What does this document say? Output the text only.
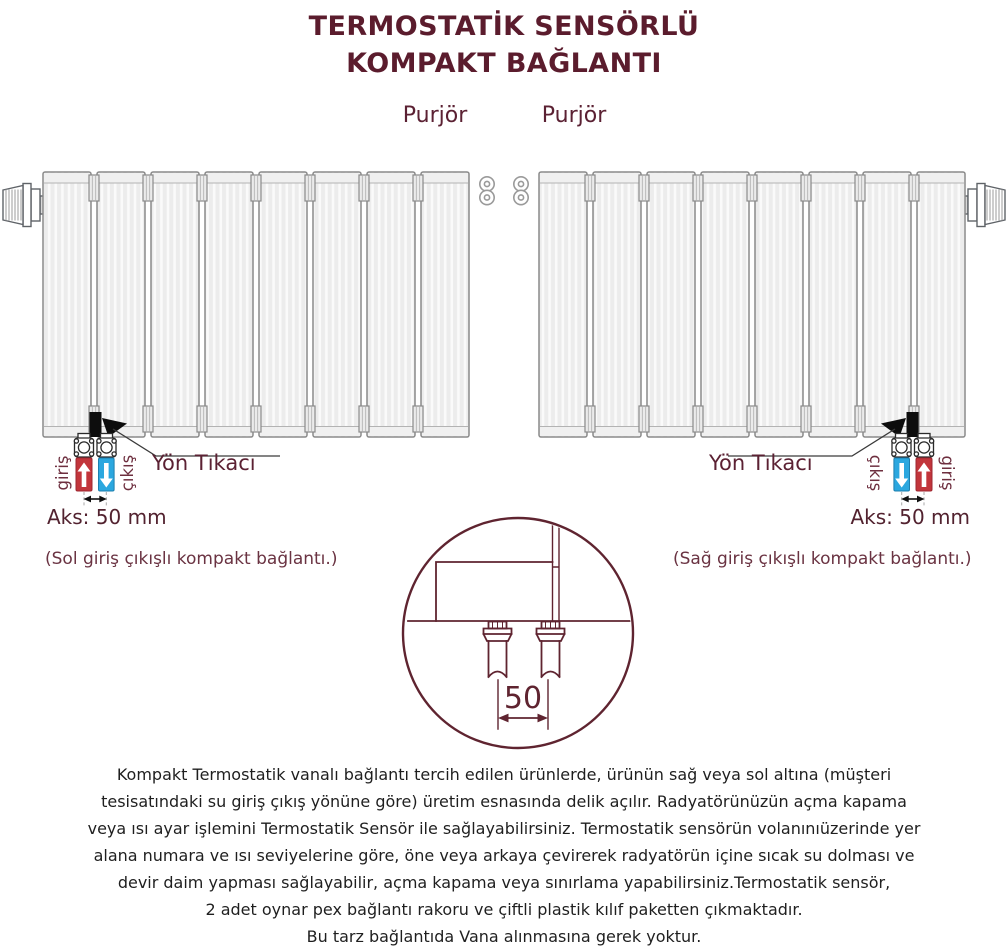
50
TERMOSTATİK SENSÖRLÜ
KOMPAKT BAĞLANTI
Purjör	Purjör
Yön Tıkacı	Yön Tıkacı
giriş	çıkış	çıkış	giriş
Aks: 50 mm	Aks: 50 mm
(Sol giriş çıkışlı kompakt bağlantı.)	(Sağ giriş çıkışlı kompakt bağlantı.)
Kompakt Termostatik vanalı bağlantı tercih edilen ürünlerde, ürünün sağ veya sol altına (müşteri
tesisatındaki su giriş çıkış yönüne göre) üretim esnasında delik açılır. Radyatörünüzün açma kapama
veya ısı ayar işlemini Termostatik Sensör ile sağlayabilirsiniz. Termostatik sensörün volanınıüzerinde yer
alana numara ve ısı seviyelerine göre, öne veya arkaya çevirerek radyatörün içine sıcak su dolması ve
devir daim yapması sağlayabilir, açma kapama veya sınırlama yapabilirsiniz.Termostatik sensör,
2 adet oynar pex bağlantı rakoru ve çiftli plastik kılıf paketten çıkmaktadır.
Bu tarz bağlantıda Vana alınmasına gerek yoktur.
